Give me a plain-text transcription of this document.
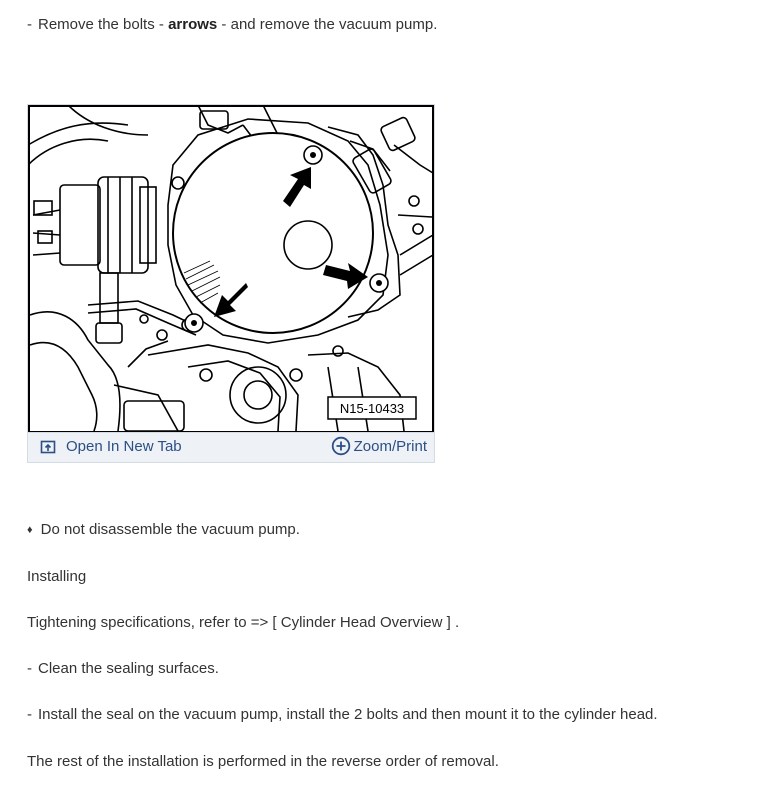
- Remove the bolts - arrows - and remove the vacuum pump.
N15-10433
Open In New Tab	Zoom/Print
♦ Do not disassemble the vacuum pump.
Installing
Tightening specifications, refer to => [ Cylinder Head Overview ] .
- Clean the sealing surfaces.
- Install the seal on the vacuum pump, install the 2 bolts and then mount it to the cylinder head.
The rest of the installation is performed in the reverse order of removal.
